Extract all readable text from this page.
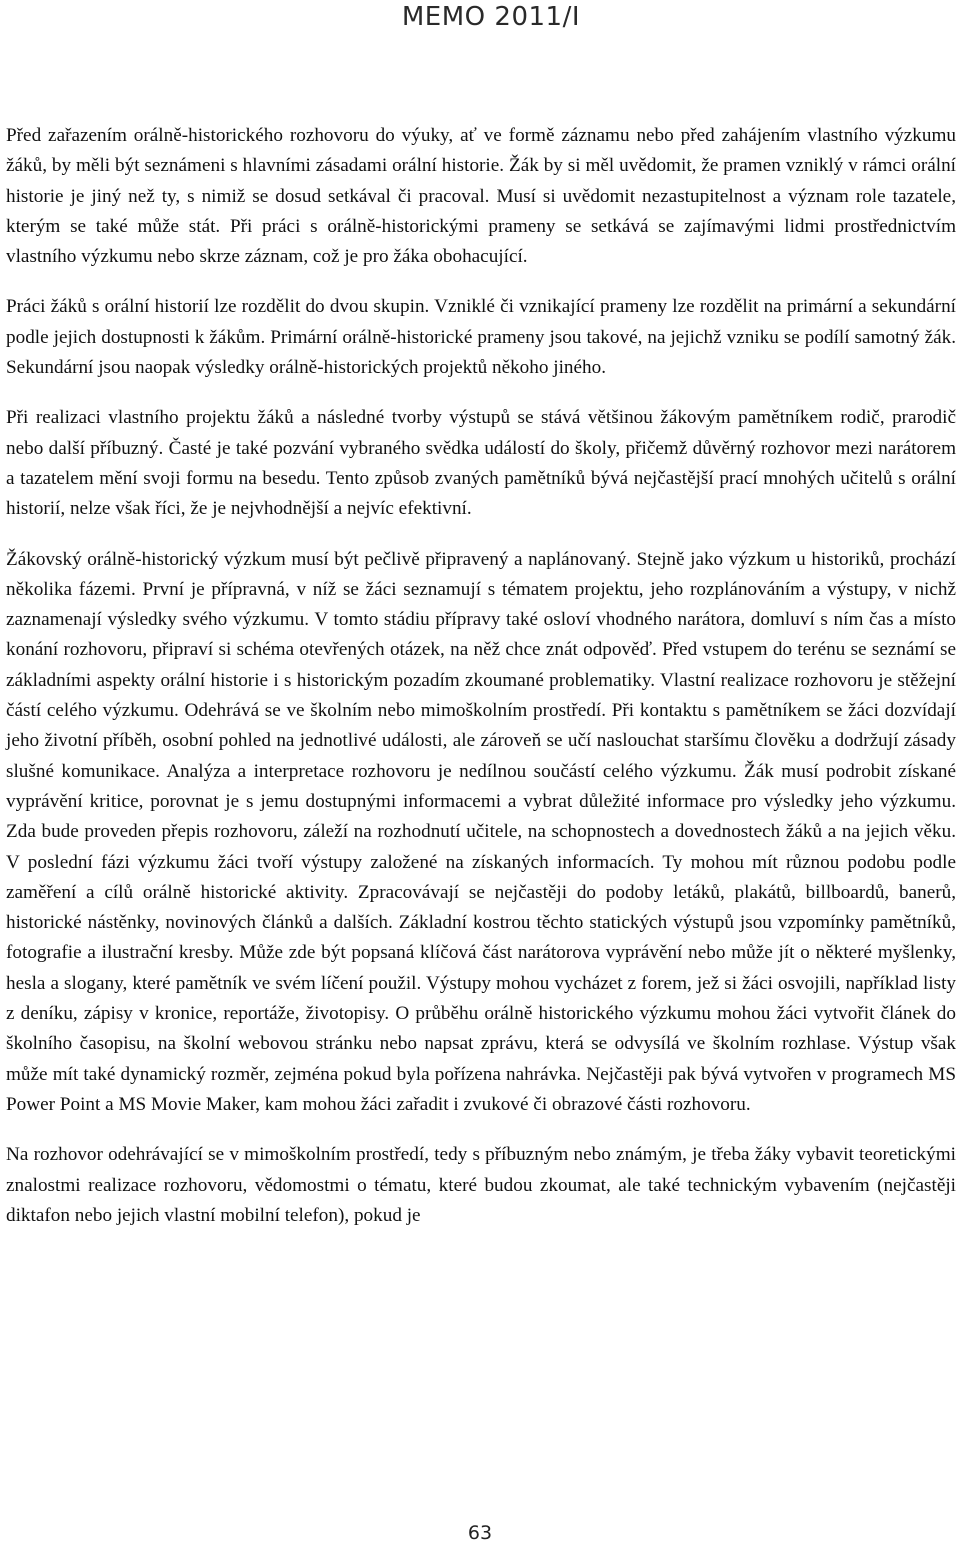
MEMO 2011/I

Před zařazením orálně-historického rozhovoru do výuky, ať ve formě záznamu nebo před zahájením vlastního výzkumu žáků, by měli být seznámeni s hlavními zásadami orální historie. Žák by si měl uvědomit, že pramen vzniklý v rámci orální historie je jiný než ty, s nimiž se dosud setkával či pracoval. Musí si uvědomit nezastupitelnost a význam role tazatele, kterým se také může stát. Při práci s orálně-historickými prameny se setkává se zajímavými lidmi prostřednictvím vlastního výzkumu nebo skrze záznam, což je pro žáka obohacující.

Práci žáků s orální historií lze rozdělit do dvou skupin. Vzniklé či vznikající prameny lze rozdělit na primární a sekundární podle jejich dostupnosti k žákům. Primární orálně-historické prameny jsou takové, na jejichž vzniku se podílí samotný žák. Sekundární jsou naopak výsledky orálně-historických projektů někoho jiného.

Při realizaci vlastního projektu žáků a následné tvorby výstupů se stává většinou žákovým pamětníkem rodič, prarodič nebo další příbuzný. Časté je také pozvání vybraného svědka událostí do školy, přičemž důvěrný rozhovor mezi narátorem a tazatelem mění svoji formu na besedu. Tento způsob zvaných pamětníků bývá nejčastější prací mnohých učitelů s orální historií, nelze však říci, že je nejvhodnější a nejvíc efektivní.

Žákovský orálně-historický výzkum musí být pečlivě připravený a naplánovaný. Stejně jako výzkum u historiků, prochází několika fázemi. První je přípravná, v níž se žáci seznamují s tématem projektu, jeho rozplánováním a výstupy, v nichž zaznamenají výsledky svého výzkumu. V tomto stádiu přípravy také osloví vhodného narátora, domluví s ním čas a místo konání rozhovoru, připraví si schéma otevřených otázek, na něž chce znát odpověď. Před vstupem do terénu se seznámí se základními aspekty orální historie i s historickým pozadím zkoumané problematiky. Vlastní realizace rozhovoru je stěžejní částí celého výzkumu. Odehrává se ve školním nebo mimoškolním prostředí. Při kontaktu s pamětníkem se žáci dozvídají jeho životní příběh, osobní pohled na jednotlivé události, ale zároveň se učí naslouchat staršímu člověku a dodržují zásady slušné komunikace. Analýza a interpretace rozhovoru je nedílnou součástí celého výzkumu. Žák musí podrobit získané vyprávění kritice, porovnat je s jemu dostupnými informacemi a vybrat důležité informace pro výsledky jeho výzkumu. Zda bude proveden přepis rozhovoru, záleží na rozhodnutí učitele, na schopnostech a dovednostech žáků a na jejich věku. V poslední fázi výzkumu žáci tvoří výstupy založené na získaných informacích. Ty mohou mít různou podobu podle zaměření a cílů orálně historické aktivity. Zpracovávají se nejčastěji do podoby letáků, plakátů, billboardů, banerů, historické nástěnky, novinových článků a dalších. Základní kostrou těchto statických výstupů jsou vzpomínky pamětníků, fotografie a ilustrační kresby. Může zde být popsaná klíčová část narátorova vyprávění nebo může jít o některé myšlenky, hesla a slogany, které pamětník ve svém líčení použil. Výstupy mohou vycházet z forem, jež si žáci osvojili, například listy z deníku, zápisy v kronice, reportáže, životopisy. O průběhu orálně historického výzkumu mohou žáci vytvořit článek do školního časopisu, na školní webovou stránku nebo napsat zprávu, která se odvysílá ve školním rozhlase. Výstup však může mít také dynamický rozměr, zejména pokud byla pořízena nahrávka. Nejčastěji pak bývá vytvořen v programech MS Power Point a MS Movie Maker, kam mohou žáci zařadit i zvukové či obrazové části rozhovoru.

Na rozhovor odehrávající se v mimoškolním prostředí, tedy s příbuzným nebo známým, je třeba žáky vybavit teoretickými znalostmi realizace rozhovoru, vědomostmi o tématu, které budou zkoumat, ale také technickým vybavením (nejčastěji diktafon nebo jejich vlastní mobilní telefon), pokud je

63
